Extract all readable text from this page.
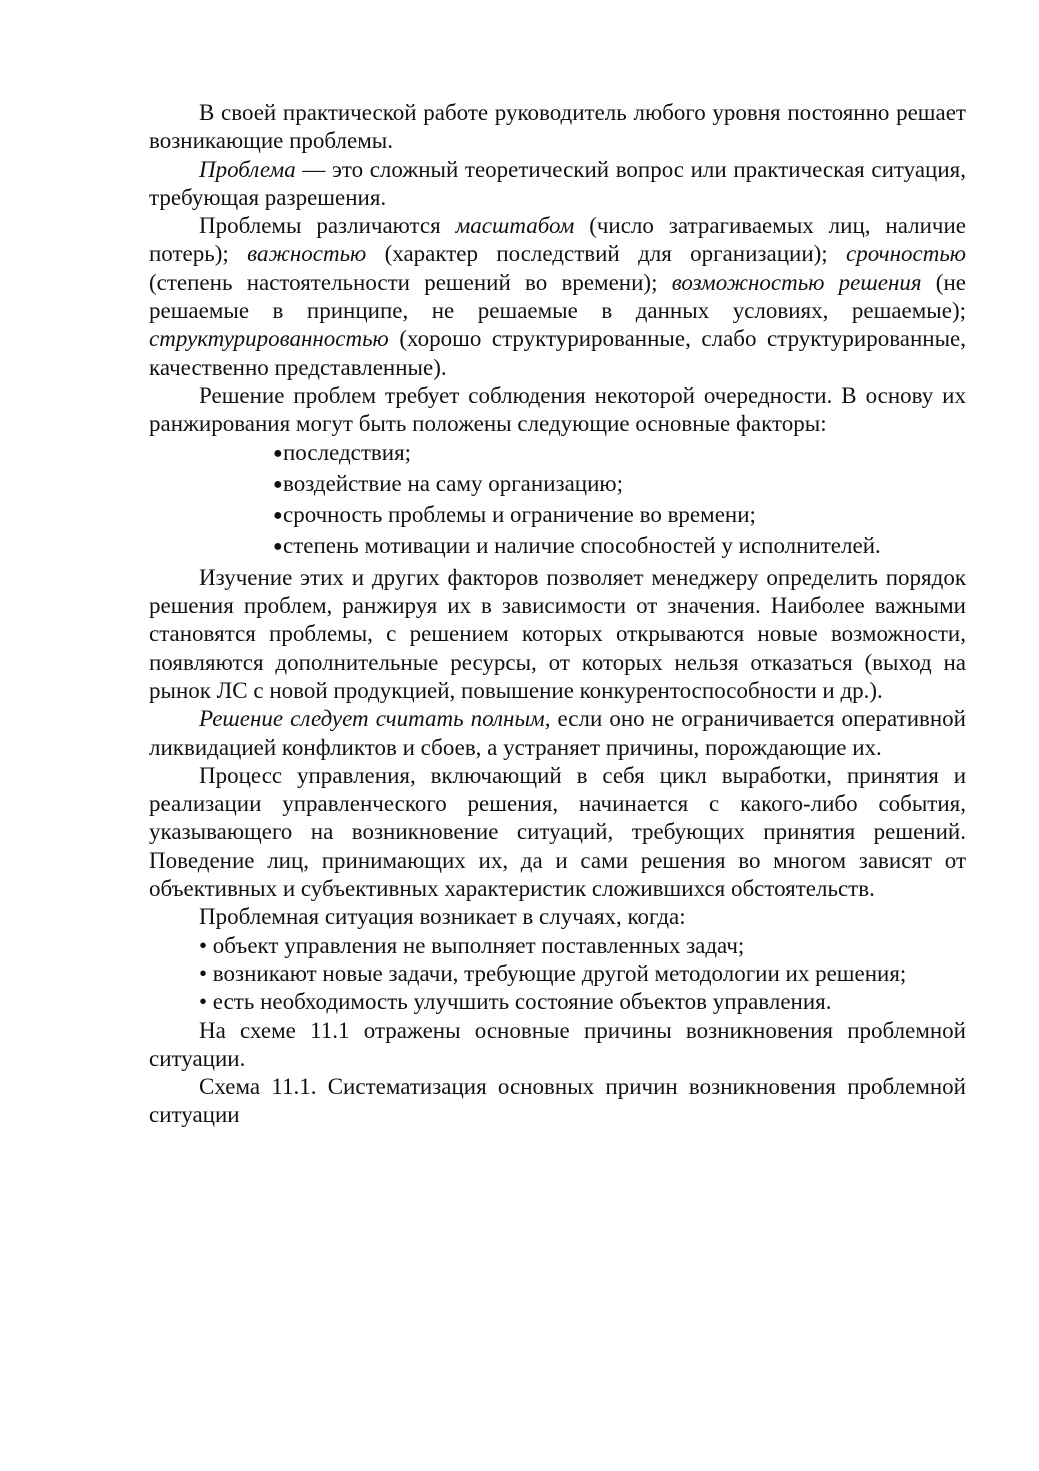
В своей практической работе руководитель любого уровня постоянно решает возникающие проблемы.

Проблема — это сложный теоретический вопрос или практическая ситуация, требующая разрешения.

Проблемы различаются масштабом (число затрагиваемых лиц, наличие потерь); важностью (характер последствий для организации); срочностью (степень настоятельности решений во времени); возможностью решения (не решаемые в принципе, не решаемые в данных условиях, решаемые); структурированностью (хорошо структурированные, слабо структурированные, качественно представленные).

Решение проблем требует соблюдения некоторой очередности. В основу их ранжирования могут быть положены следующие основные факторы:

●последствия;
●воздействие на саму организацию;
●срочность проблемы и ограничение во времени;
●степень мотивации и наличие способностей у исполнителей.

Изучение этих и других факторов позволяет менеджеру определить порядок решения проблем, ранжируя их в зависимости от значения. Наиболее важными становятся проблемы, с решением которых открываются новые возможности, появляются дополнительные ресурсы, от которых нельзя отказаться (выход на рынок ЛС с новой продукцией, повышение конкурентоспособности и др.).

Решение следует считать полным, если оно не ограничивается оперативной ликвидацией конфликтов и сбоев, а устраняет причины, порождающие их.

Процесс управления, включающий в себя цикл выработки, принятия и реализации управленческого решения, начинается с какого-либо события, указывающего на возникновение ситуаций, требующих принятия решений. Поведение лиц, принимающих их, да и сами решения во многом зависят от объективных и субъективных характеристик сложившихся обстоятельств.

Проблемная ситуация возникает в случаях, когда:

• объект управления не выполняет поставленных задач;
• возникают новые задачи, требующие другой методологии их решения;
• есть необходимость улучшить состояние объектов управления.

На схеме 11.1 отражены основные причины возникновения проблемной ситуации.

Схема 11.1. Систематизация основных причин возникновения проблемной ситуации
